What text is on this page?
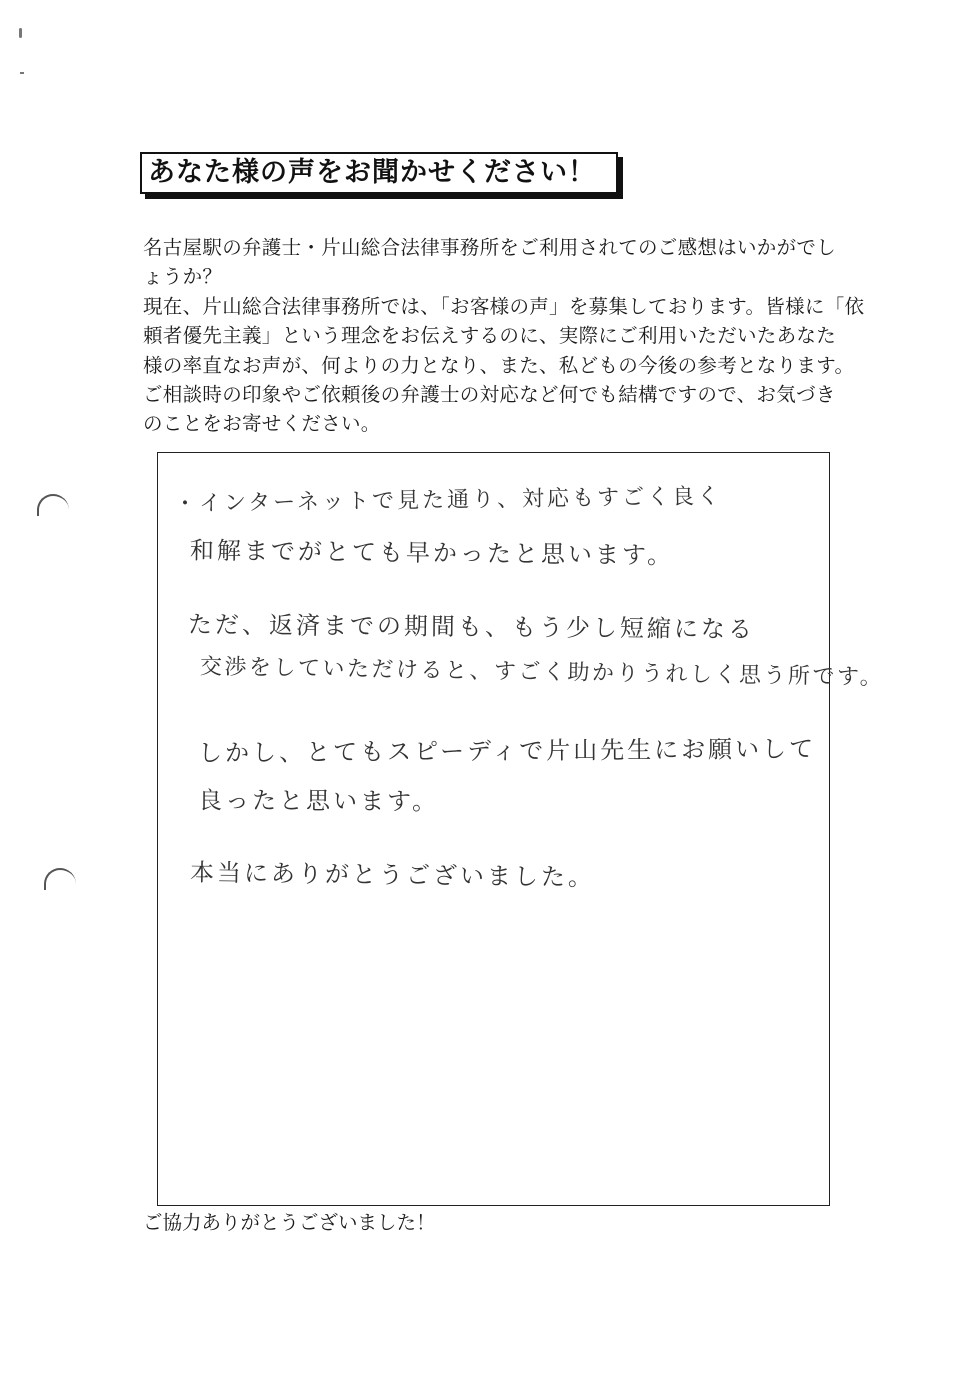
あなた様の声をお聞かせください！
名古屋駅の弁護士・片山総合法律事務所をご利用されてのご感想はいかがでし
ょうか？
現在、片山総合法律事務所では、「お客様の声」を募集しております。皆様に「依
頼者優先主義」という理念をお伝えするのに、実際にご利用いただいたあなた
様の率直なお声が、何よりの力となり、また、私どもの今後の参考となります。
ご相談時の印象やご依頼後の弁護士の対応など何でも結構ですので、お気づき
のことをお寄せください。
・インターネットで見た通り、対応もすごく良く
和解までがとても早かったと思います。
ただ、返済までの期間も、もう少し短縮になる
交渉をしていただけると、すごく助かりうれしく思う所です。
しかし、とてもスピーディで片山先生にお願いして
良ったと思います。
本当にありがとうございました。
ご協力ありがとうございました！
